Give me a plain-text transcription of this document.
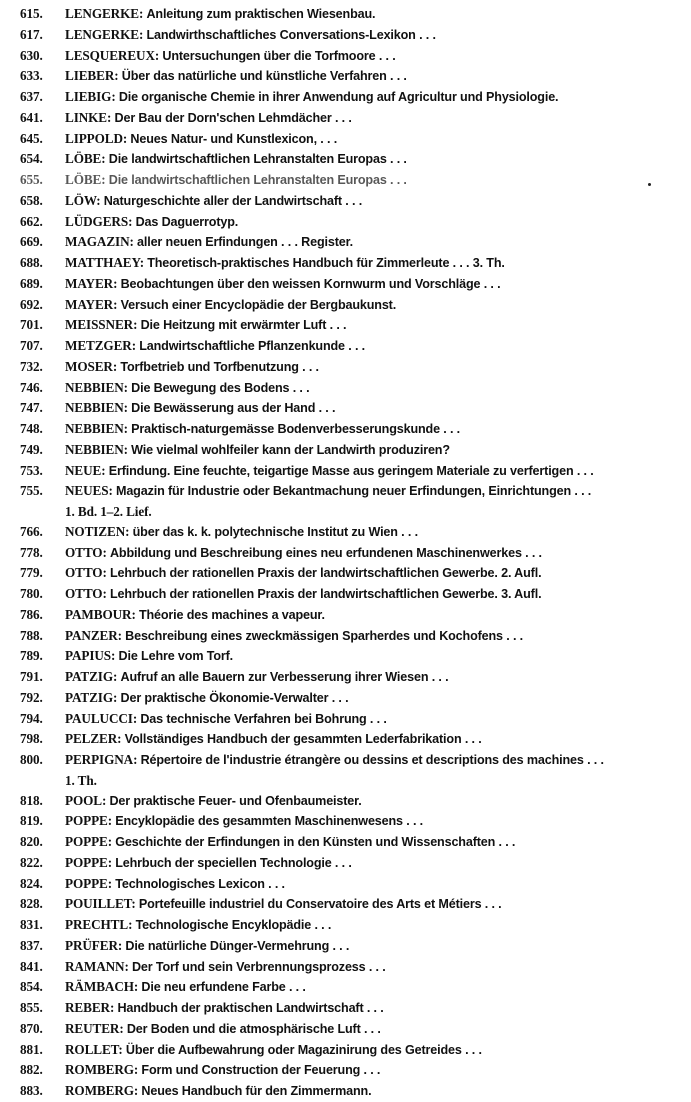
615.	LENGERKE: Anleitung zum praktischen Wiesenbau.
617.	LENGERKE: Landwirthschaftliches Conversations-Lexikon . . .
630.	LESQUEREUX: Untersuchungen über die Torfmoore . . .
633.	LIEBER: Über das natürliche und künstliche Verfahren . . .
637.	LIEBIG: Die organische Chemie in ihrer Anwendung auf Agricultur und Physiologie.
641.	LINKE: Der Bau der Dorn'schen Lehmdächer . . .
645.	LIPPOLD: Neues Natur- und Kunstlexicon, . . .
654.	LÖBE: Die landwirtschaftlichen Lehranstalten Europas . . .
655.	LÖBE: Die landwirtschaftlichen Lehranstalten Europas . . .
658.	LÖW: Naturgeschichte aller der Landwirtschaft . . .
662.	LÜDGERS: Das Daguerrotyp.
669.	MAGAZIN: aller neuen Erfindungen . . . Register.
688.	MATTHAEY: Theoretisch-praktisches Handbuch für Zimmerleute . . . 3. Th.
689.	MAYER: Beobachtungen über den weissen Kornwurm und Vorschläge . . .
692.	MAYER: Versuch einer Encyclopädie der Bergbaukunst.
701.	MEISSNER: Die Heitzung mit erwärmter Luft . . .
707.	METZGER: Landwirtschaftliche Pflanzenkunde . . .
732.	MOSER: Torfbetrieb und Torfbenutzung . . .
746.	NEBBIEN: Die Bewegung des Bodens . . .
747.	NEBBIEN: Die Bewässerung aus der Hand . . .
748.	NEBBIEN: Praktisch-naturgemässe Bodenverbesserungskunde . . .
749.	NEBBIEN: Wie vielmal wohlfeiler kann der Landwirth produziren?
753.	NEUE: Erfindung. Eine feuchte, teigartige Masse aus geringem Materiale zu verfertigen . . .
755.	NEUES: Magazin für Industrie oder Bekantmachung neuer Erfindungen, Einrichtungen . . .
1. Bd. 1–2. Lief.
766.	NOTIZEN: über das k. k. polytechnische Institut zu Wien . . .
778.	OTTO: Abbildung und Beschreibung eines neu erfundenen Maschinenwerkes . . .
779.	OTTO: Lehrbuch der rationellen Praxis der landwirtschaftlichen Gewerbe. 2. Aufl.
780.	OTTO: Lehrbuch der rationellen Praxis der landwirtschaftlichen Gewerbe. 3. Aufl.
786.	PAMBOUR: Théorie des machines a vapeur.
788.	PANZER: Beschreibung eines zweckmässigen Sparherdes und Kochofens . . .
789.	PAPIUS: Die Lehre vom Torf.
791.	PATZIG: Aufruf an alle Bauern zur Verbesserung ihrer Wiesen . . .
792.	PATZIG: Der praktische Ökonomie-Verwalter . . .
794.	PAULUCCI: Das technische Verfahren bei Bohrung . . .
798.	PELZER: Vollständiges Handbuch der gesammten Lederfabrikation . . .
800.	PERPIGNA: Répertoire de l'industrie étrangère ou dessins et descriptions des machines . . .
1. Th.
818.	POOL: Der praktische Feuer- und Ofenbaumeister.
819.	POPPE: Encyklopädie des gesammten Maschinenwesens . . .
820.	POPPE: Geschichte der Erfindungen in den Künsten und Wissenschaften . . .
822.	POPPE: Lehrbuch der speciellen Technologie . . .
824.	POPPE: Technologisches Lexicon . . .
828.	POUILLET: Portefeuille industriel du Conservatoire des Arts et Métiers . . .
831.	PRECHTL: Technologische Encyklopädie . . .
837.	PRÜFER: Die natürliche Dünger-Vermehrung . . .
841.	RAMANN: Der Torf und sein Verbrennungsprozess . . .
854.	RÄMBACH: Die neu erfundene Farbe . . .
855.	REBER: Handbuch der praktischen Landwirtschaft . . .
870.	REUTER: Der Boden und die atmosphärische Luft . . .
881.	ROLLET: Über die Aufbewahrung oder Magazinirung des Getreides . . .
882.	ROMBERG: Form und Construction der Feuerung . . .
883.	ROMBERG: Neues Handbuch für den Zimmermann.
